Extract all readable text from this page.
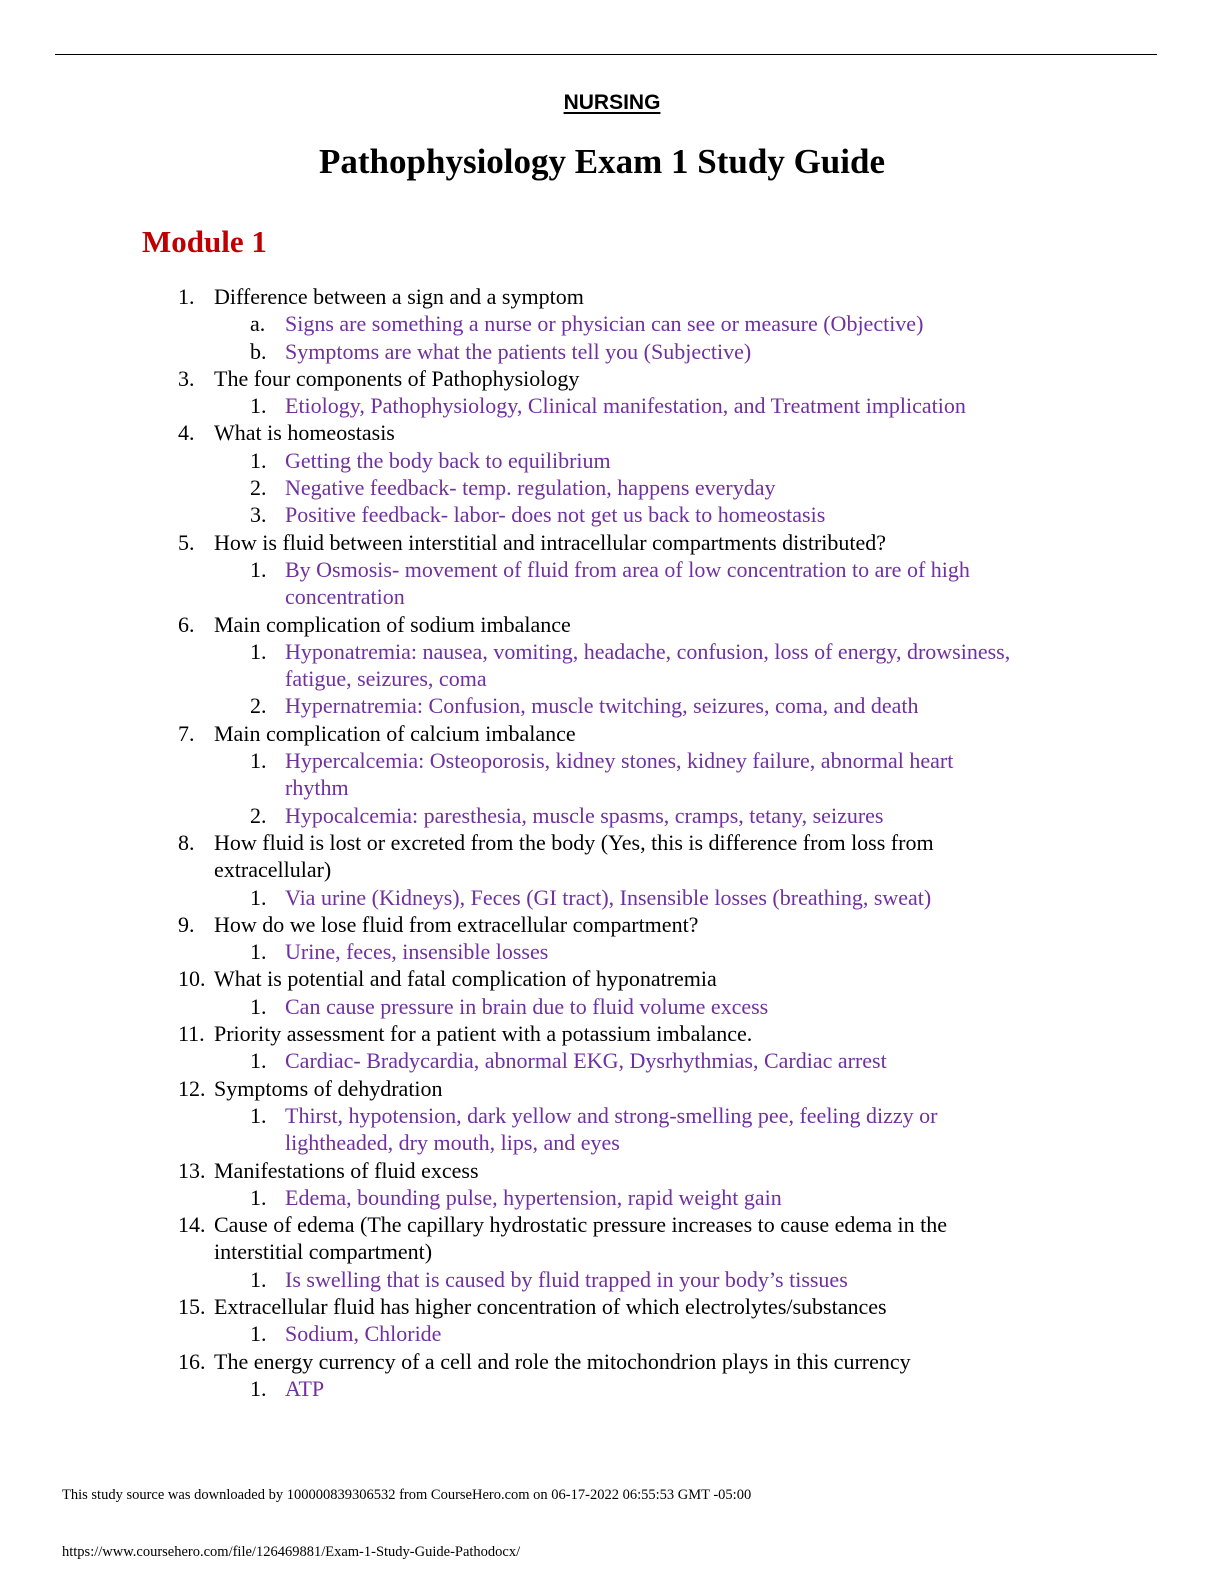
NURSING
Pathophysiology Exam 1 Study Guide
Module 1
1. Difference between a sign and a symptom
a. Signs are something a nurse or physician can see or measure (Objective)
b. Symptoms are what the patients tell you (Subjective)
3. The four components of Pathophysiology
1. Etiology, Pathophysiology, Clinical manifestation, and Treatment implication
4. What is homeostasis
1. Getting the body back to equilibrium
2. Negative feedback- temp. regulation, happens everyday
3. Positive feedback- labor- does not get us back to homeostasis
5. How is fluid between interstitial and intracellular compartments distributed?
1. By Osmosis- movement of fluid from area of low concentration to are of high
concentration
6. Main complication of sodium imbalance
1. Hyponatremia: nausea, vomiting, headache, confusion, loss of energy, drowsiness,
fatigue, seizures, coma
2. Hypernatremia: Confusion, muscle twitching, seizures, coma, and death
7. Main complication of calcium imbalance
1. Hypercalcemia: Osteoporosis, kidney stones, kidney failure, abnormal heart
rhythm
2. Hypocalcemia: paresthesia, muscle spasms, cramps, tetany, seizures
8. How fluid is lost or excreted from the body (Yes, this is difference from loss from
extracellular)
1. Via urine (Kidneys), Feces (GI tract), Insensible losses (breathing, sweat)
9. How do we lose fluid from extracellular compartment?
1. Urine, feces, insensible losses
10. What is potential and fatal complication of hyponatremia
1. Can cause pressure in brain due to fluid volume excess
11. Priority assessment for a patient with a potassium imbalance.
1. Cardiac- Bradycardia, abnormal EKG, Dysrhythmias, Cardiac arrest
12. Symptoms of dehydration
1. Thirst, hypotension, dark yellow and strong-smelling pee, feeling dizzy or
lightheaded, dry mouth, lips, and eyes
13. Manifestations of fluid excess
1. Edema, bounding pulse, hypertension, rapid weight gain
14. Cause of edema (The capillary hydrostatic pressure increases to cause edema in the
interstitial compartment)
1. Is swelling that is caused by fluid trapped in your body’s tissues
15. Extracellular fluid has higher concentration of which electrolytes/substances
1. Sodium, Chloride
16. The energy currency of a cell and role the mitochondrion plays in this currency
1. ATP
This study source was downloaded by 100000839306532 from CourseHero.com on 06-17-2022 06:55:53 GMT -05:00
https://www.coursehero.com/file/126469881/Exam-1-Study-Guide-Pathodocx/
